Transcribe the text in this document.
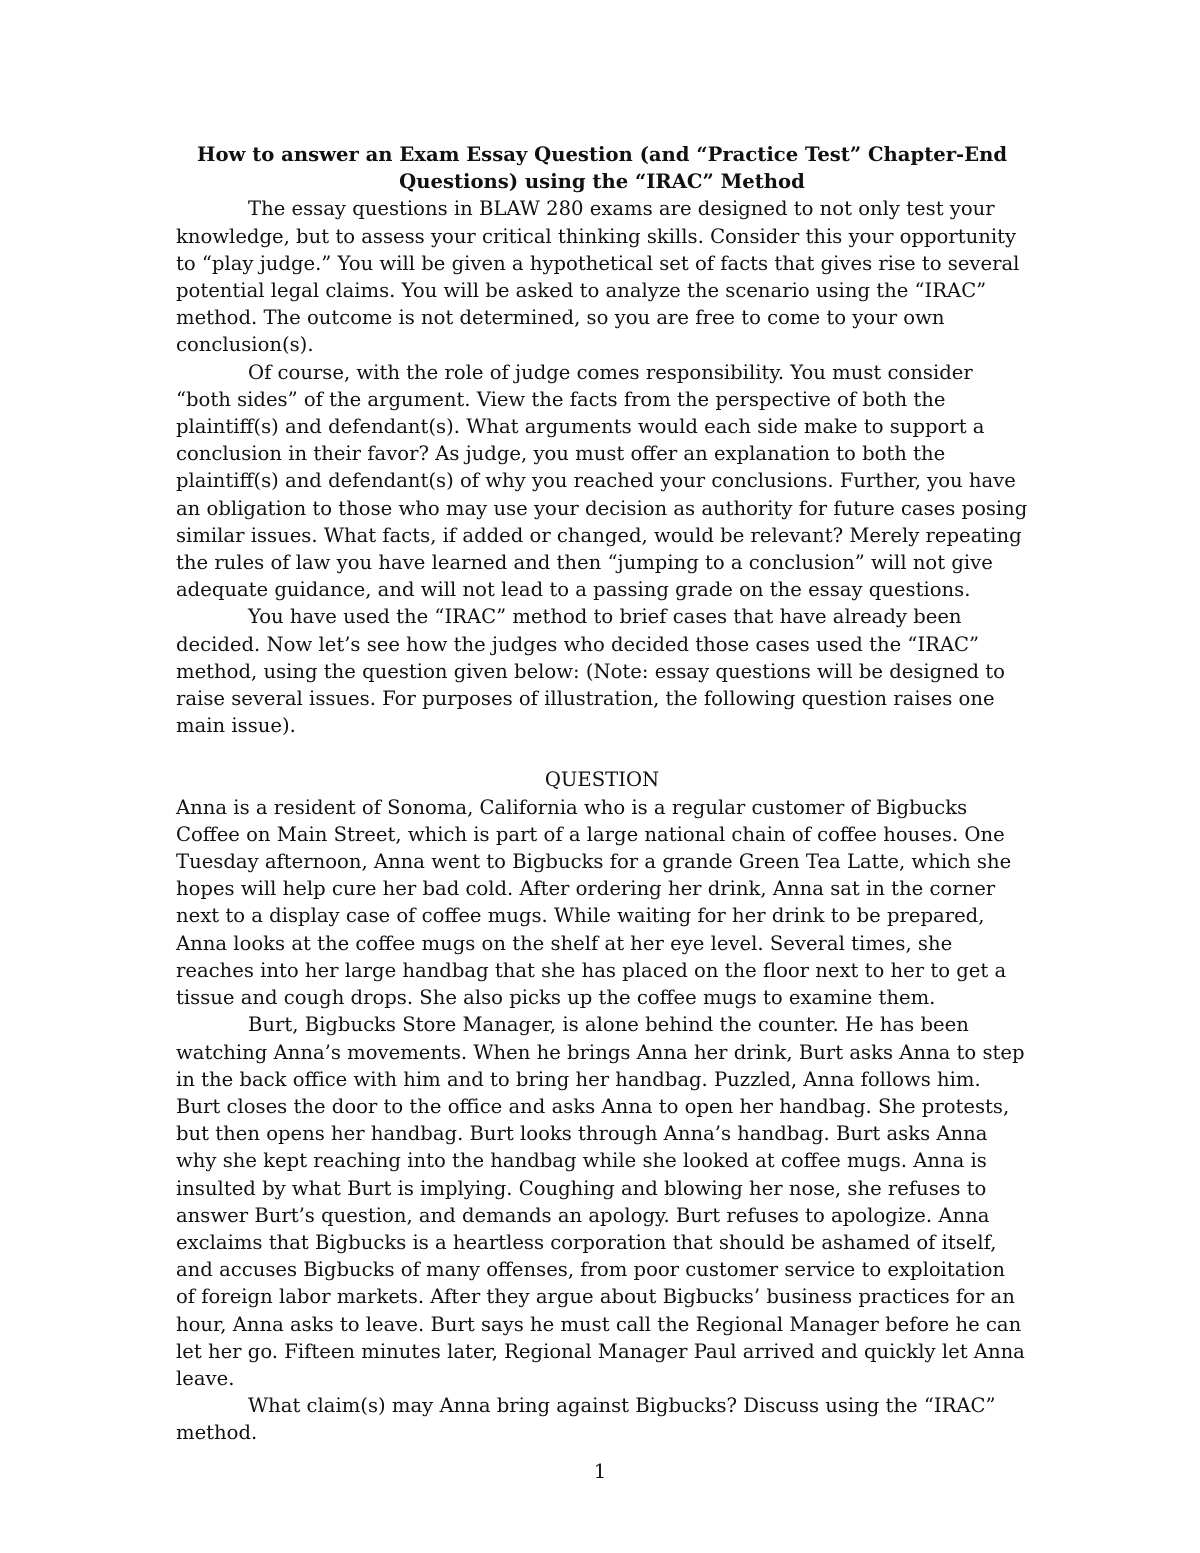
How to answer an Exam Essay Question (and “Practice Test” Chapter-End Questions) using the “IRAC” Method

The essay questions in BLAW 280 exams are designed to not only test your knowledge, but to assess your critical thinking skills. Consider this your opportunity to “play judge.” You will be given a hypothetical set of facts that gives rise to several potential legal claims. You will be asked to analyze the scenario using the “IRAC” method. The outcome is not determined, so you are free to come to your own conclusion(s).

Of course, with the role of judge comes responsibility. You must consider “both sides” of the argument. View the facts from the perspective of both the plaintiff(s) and defendant(s). What arguments would each side make to support a conclusion in their favor? As judge, you must offer an explanation to both the plaintiff(s) and defendant(s) of why you reached your conclusions. Further, you have an obligation to those who may use your decision as authority for future cases posing similar issues. What facts, if added or changed, would be relevant? Merely repeating the rules of law you have learned and then “jumping to a conclusion” will not give adequate guidance, and will not lead to a passing grade on the essay questions.

You have used the “IRAC” method to brief cases that have already been decided. Now let’s see how the judges who decided those cases used the “IRAC” method, using the question given below: (Note: essay questions will be designed to raise several issues. For purposes of illustration, the following question raises one main issue).

QUESTION

Anna is a resident of Sonoma, California who is a regular customer of Bigbucks Coffee on Main Street, which is part of a large national chain of coffee houses. One Tuesday afternoon, Anna went to Bigbucks for a grande Green Tea Latte, which she hopes will help cure her bad cold. After ordering her drink, Anna sat in the corner next to a display case of coffee mugs. While waiting for her drink to be prepared, Anna looks at the coffee mugs on the shelf at her eye level. Several times, she reaches into her large handbag that she has placed on the floor next to her to get a tissue and cough drops. She also picks up the coffee mugs to examine them.

Burt, Bigbucks Store Manager, is alone behind the counter. He has been watching Anna’s movements. When he brings Anna her drink, Burt asks Anna to step in the back office with him and to bring her handbag. Puzzled, Anna follows him. Burt closes the door to the office and asks Anna to open her handbag. She protests, but then opens her handbag. Burt looks through Anna’s handbag. Burt asks Anna why she kept reaching into the handbag while she looked at coffee mugs. Anna is insulted by what Burt is implying. Coughing and blowing her nose, she refuses to answer Burt’s question, and demands an apology. Burt refuses to apologize. Anna exclaims that Bigbucks is a heartless corporation that should be ashamed of itself, and accuses Bigbucks of many offenses, from poor customer service to exploitation of foreign labor markets. After they argue about Bigbucks’ business practices for an hour, Anna asks to leave. Burt says he must call the Regional Manager before he can let her go. Fifteen minutes later, Regional Manager Paul arrived and quickly let Anna leave.

What claim(s) may Anna bring against Bigbucks? Discuss using the “IRAC” method.

1
